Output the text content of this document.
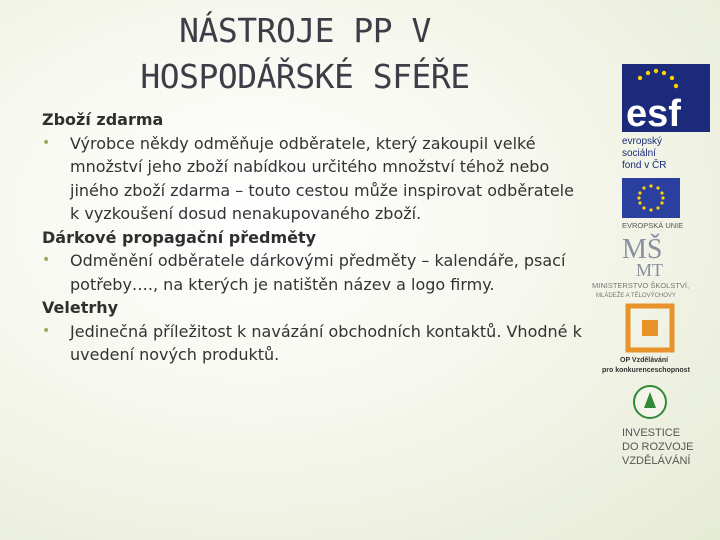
NÁSTROJE PP V
HOSPODÁŘSKÉ SFÉŘE
Zboží zdarma
• Výrobce někdy odměňuje odběratele, který zakoupil velké množství jeho zboží nabídkou určitého množství téhož nebo jiného zboží zdarma – touto cestou může inspirovat odběratele k vyzkoušení dosud nenakupovaného zboží.
Dárkové propagační předměty
• Odměnění odběratele dárkovými předměty – kalendáře, psací potřeby…., na kterých je natištěn název a logo firmy.
Veletrhy
• Jedinečná příležitost k navázání obchodních kontaktů. Vhodné k uvedení nových produktů.
esf
evropský
sociální
fond v ČR
EVROPSKÁ UNIE
MŠ
MT
MINISTERSTVO ŠKOLSTVÍ,
MLÁDEŽE A TĚLOVÝCHOVY
OP Vzdělávání
pro konkurenceschopnost
INVESTICE
DO ROZVOJE
VZDĚLÁVÁNÍ
